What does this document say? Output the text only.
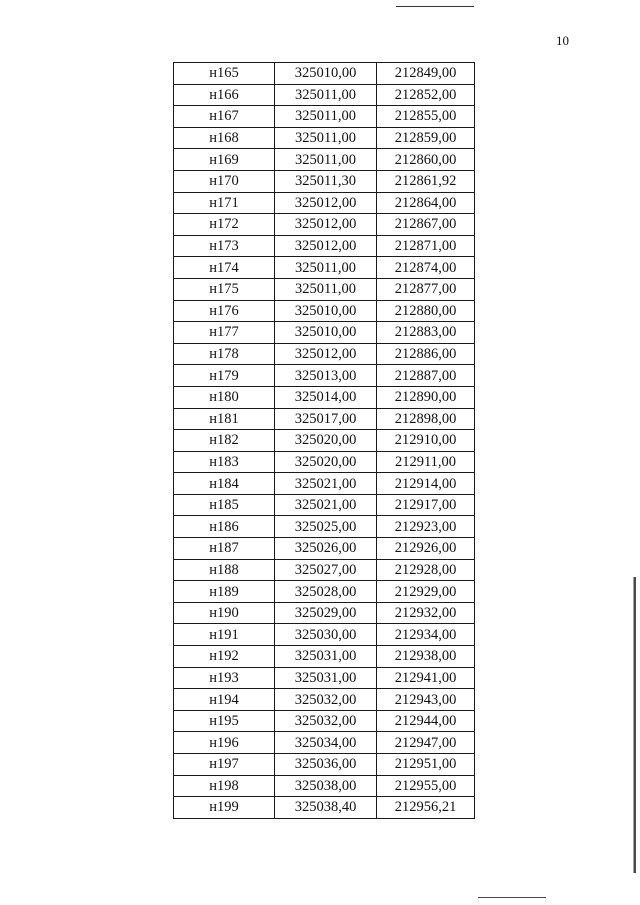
10
н165	325010,00	212849,00
н166	325011,00	212852,00
н167	325011,00	212855,00
н168	325011,00	212859,00
н169	325011,00	212860,00
н170	325011,30	212861,92
н171	325012,00	212864,00
н172	325012,00	212867,00
н173	325012,00	212871,00
н174	325011,00	212874,00
н175	325011,00	212877,00
н176	325010,00	212880,00
н177	325010,00	212883,00
н178	325012,00	212886,00
н179	325013,00	212887,00
н180	325014,00	212890,00
н181	325017,00	212898,00
н182	325020,00	212910,00
н183	325020,00	212911,00
н184	325021,00	212914,00
н185	325021,00	212917,00
н186	325025,00	212923,00
н187	325026,00	212926,00
н188	325027,00	212928,00
н189	325028,00	212929,00
н190	325029,00	212932,00
н191	325030,00	212934,00
н192	325031,00	212938,00
н193	325031,00	212941,00
н194	325032,00	212943,00
н195	325032,00	212944,00
н196	325034,00	212947,00
н197	325036,00	212951,00
н198	325038,00	212955,00
н199	325038,40	212956,21
